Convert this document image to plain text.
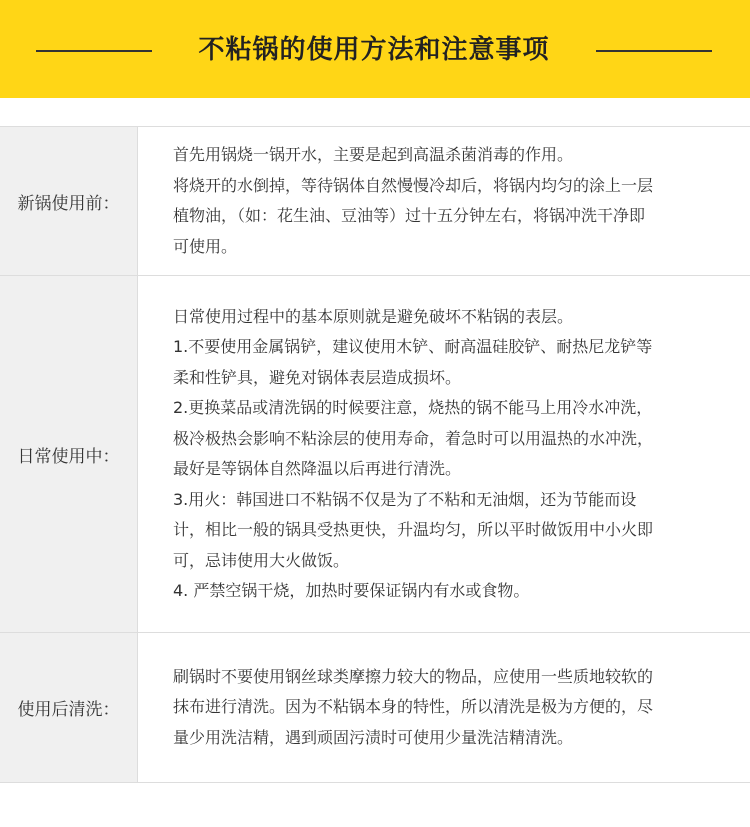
不粘锅的使用方法和注意事项
新锅使用前：

首先用锅烧一锅开水，主要是起到高温杀菌消毒的作用。

将烧开的水倒掉，等待锅体自然慢慢冷却后，将锅内均匀的涂上一层

植物油，（如：花生油、豆油等）过十五分钟左右，将锅冲洗干净即

可使用。

日常使用中：

日常使用过程中的基本原则就是避免破坏不粘锅的表层。

1.不要使用金属锅铲，建议使用木铲、耐高温硅胶铲、耐热尼龙铲等

柔和性铲具，避免对锅体表层造成损坏。

2.更换菜品或清洗锅的时候要注意，烧热的锅不能马上用冷水冲洗，

极冷极热会影响不粘涂层的使用寿命，着急时可以用温热的水冲洗，

最好是等锅体自然降温以后再进行清洗。

3.用火：韩国进口不粘锅不仅是为了不粘和无油烟，还为节能而设

计，相比一般的锅具受热更快，升温均匀，所以平时做饭用中小火即

可，忌讳使用大火做饭。

4. 严禁空锅干烧，加热时要保证锅内有水或食物。

使用后清洗：

刷锅时不要使用钢丝球类摩擦力较大的物品，应使用一些质地较软的

抹布进行清洗。因为不粘锅本身的特性，所以清洗是极为方便的，尽

量少用洗洁精，遇到顽固污渍时可使用少量洗洁精清洗。
